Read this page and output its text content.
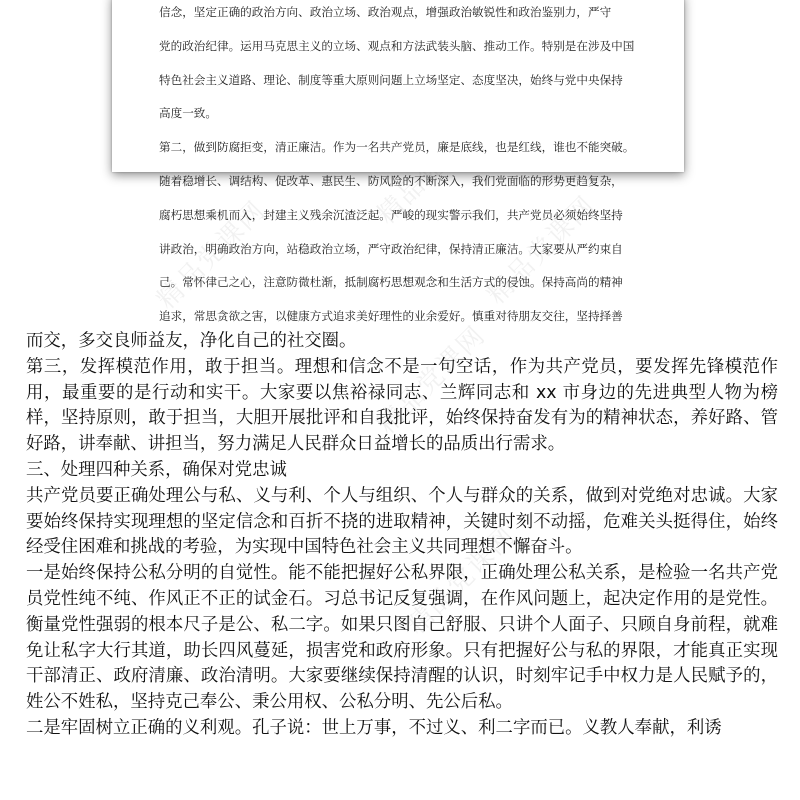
精品党课网	精品党课网
精品党课网
精品党课网

信念，坚定正确的政治方向、政治立场、政治观点，增强政治敏锐性和政治鉴别力，严守

党的政治纪律。运用马克思主义的立场、观点和方法武装头脑、推动工作。特别是在涉及中国

特色社会主义道路、理论、制度等重大原则问题上立场坚定、态度坚决，始终与党中央保持

高度一致。

第二，做到防腐拒变，清正廉洁。作为一名共产党员，廉是底线，也是红线，谁也不能突破。

随着稳增长、调结构、促改革、惠民生、防风险的不断深入，我们党面临的形势更趋复杂，

腐朽思想乘机而入，封建主义残余沉渣泛起。严峻的现实警示我们，共产党员必须始终坚持

讲政治，明确政治方向，站稳政治立场，严守政治纪律，保持清正廉洁。大家要从严约束自

己。常怀律己之心，注意防微杜渐，抵制腐朽思想观念和生活方式的侵蚀。保持高尚的精神

追求，常思贪欲之害，以健康方式追求美好理性的业余爱好。慎重对待朋友交往，坚持择善

而交，多交良师益友，净化自己的社交圈。

第三，发挥模范作用，敢于担当。理想和信念不是一句空话，作为共产党员，要发挥先锋模范作用，最重要的是行动和实干。大家要以焦裕禄同志、兰辉同志和 xx 市身边的先进典型人物为榜样，坚持原则，敢于担当，大胆开展批评和自我批评，始终保持奋发有为的精神状态，养好路、管好路，讲奉献、讲担当，努力满足人民群众日益增长的品质出行需求。

三、处理四种关系，确保对党忠诚

共产党员要正确处理公与私、义与利、个人与组织、个人与群众的关系，做到对党绝对忠诚。大家要始终保持实现理想的坚定信念和百折不挠的进取精神，关键时刻不动摇，危难关头挺得住，始终经受住困难和挑战的考验，为实现中国特色社会主义共同理想不懈奋斗。

一是始终保持公私分明的自觉性。能不能把握好公私界限，正确处理公私关系，是检验一名共产党员党性纯不纯、作风正不正的试金石。习总书记反复强调，在作风问题上，起决定作用的是党性。衡量党性强弱的根本尺子是公、私二字。如果只图自己舒服、只讲个人面子、只顾自身前程，就难免让私字大行其道，助长四风蔓延，损害党和政府形象。只有把握好公与私的界限，才能真正实现干部清正、政府清廉、政治清明。大家要继续保持清醒的认识，时刻牢记手中权力是人民赋予的，姓公不姓私，坚持克己奉公、秉公用权、公私分明、先公后私。

二是牢固树立正确的义利观。孔子说：世上万事，不过义、利二字而已。义教人奉献，利诱
